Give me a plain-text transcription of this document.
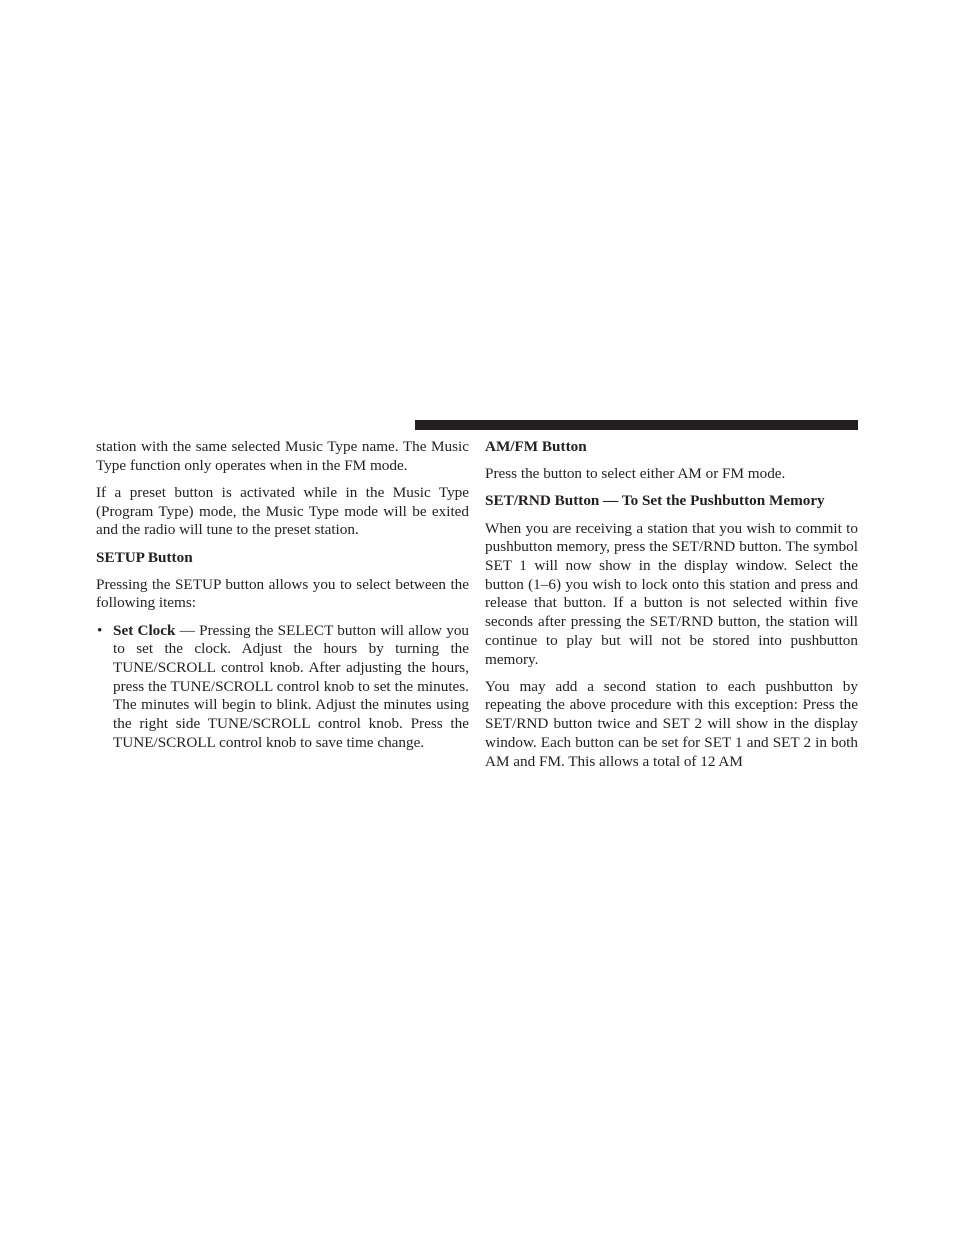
station with the same selected Music Type name. The Music Type function only operates when in the FM mode.

If a preset button is activated while in the Music Type (Program Type) mode, the Music Type mode will be exited and the radio will tune to the preset station.

SETUP Button

Pressing the SETUP button allows you to select between the following items:

• Set Clock — Pressing the SELECT button will allow you to set the clock. Adjust the hours by turning the TUNE/SCROLL control knob. After adjusting the hours, press the TUNE/SCROLL control knob to set the minutes. The minutes will begin to blink. Adjust the minutes using the right side TUNE/SCROLL control knob. Press the TUNE/SCROLL control knob to save time change.
AM/FM Button

Press the button to select either AM or FM mode.

SET/RND Button — To Set the Pushbutton Memory

When you are receiving a station that you wish to commit to pushbutton memory, press the SET/RND button. The symbol SET 1 will now show in the display window. Select the button (1–6) you wish to lock onto this station and press and release that button. If a button is not selected within five seconds after pressing the SET/​RND button, the station will continue to play but will not be stored into pushbutton memory.

You may add a second station to each pushbutton by repeating the above procedure with this exception: Press the SET/RND button twice and SET 2 will show in the display window. Each button can be set for SET 1 and SET 2 in both AM and FM. This allows a total of 12 AM
